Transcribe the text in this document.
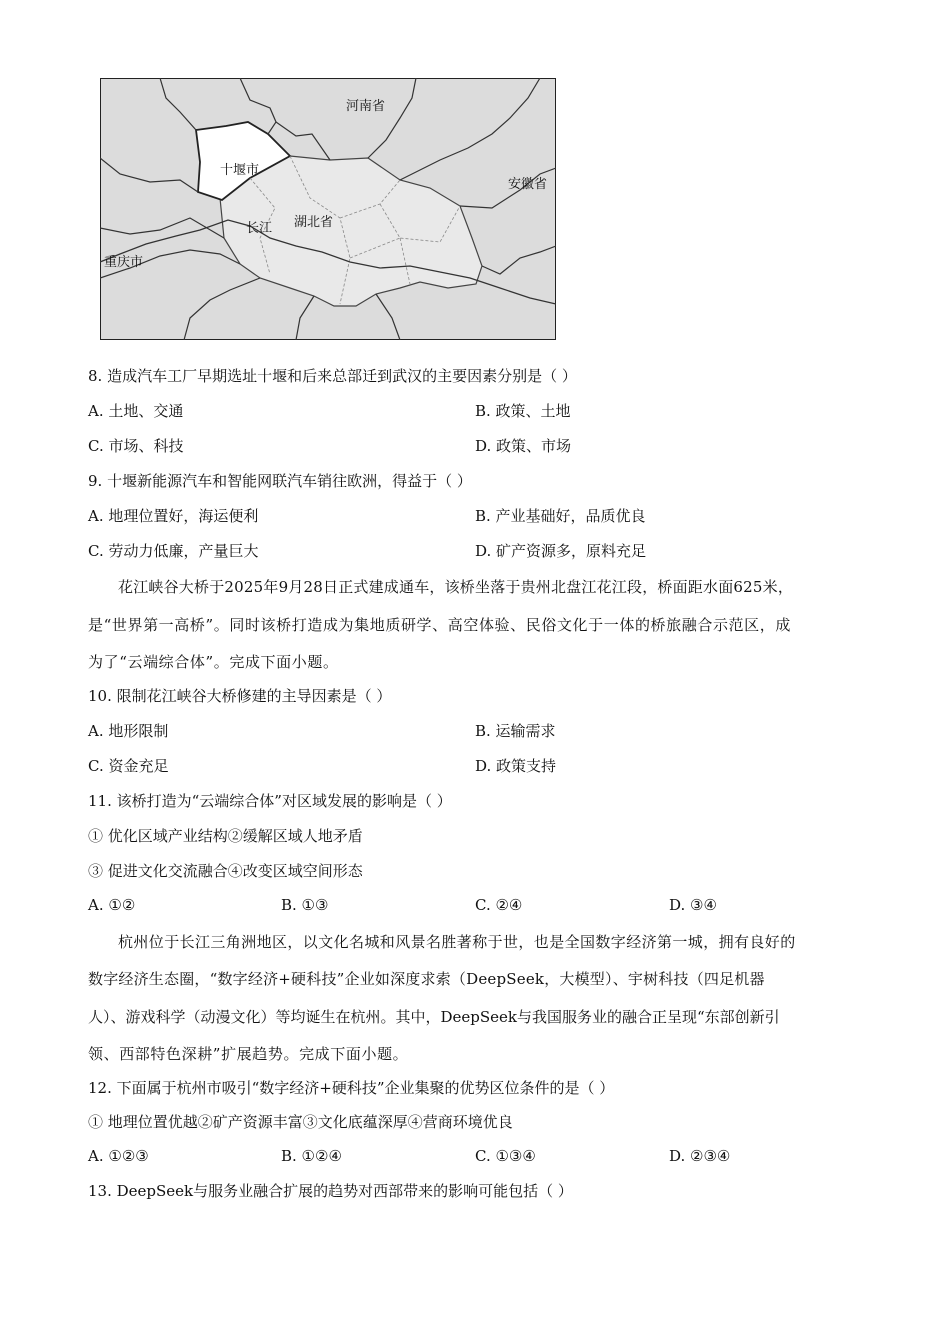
河南省
十堰市
安徽省
长江 湖北省
重庆市
8. 造成汽车工厂早期选址十堰和后来总部迁到武汉的主要因素分别是（ ）
A. 土地、交通	B. 政策、土地
C. 市场、科技	D. 政策、市场
9. 十堰新能源汽车和智能网联汽车销往欧洲，得益于（ ）
A. 地理位置好，海运便利	B. 产业基础好，品质优良
C. 劳动力低廉，产量巨大	D. 矿产资源多，原料充足
花江峡谷大桥于2025年9月28日正式建成通车，该桥坐落于贵州北盘江花江段，桥面距水面625米，
是“世界第一高桥”。同时该桥打造成为集地质研学、高空体验、民俗文化于一体的桥旅融合示范区，成
为了“云端综合体”。完成下面小题。
10. 限制花江峡谷大桥修建的主导因素是（ ）
A. 地形限制	B. 运输需求
C. 资金充足	D. 政策支持
11. 该桥打造为“云端综合体”对区域发展的影响是（ ）
① 优化区域产业结构②缓解区域人地矛盾
③ 促进文化交流融合④改变区域空间形态
A. ①②	B. ①③	C. ②④	D. ③④
杭州位于长江三角洲地区，以文化名城和风景名胜著称于世，也是全国数字经济第一城，拥有良好的
数字经济生态圈，“数字经济+硬科技”企业如深度求索（DeepSeek，大模型）、宇树科技（四足机器
人）、游戏科学（动漫文化）等均诞生在杭州。其中，DeepSeek与我国服务业的融合正呈现“东部创新引
领、西部特色深耕”扩展趋势。完成下面小题。
12. 下面属于杭州市吸引“数字经济+硬科技”企业集聚的优势区位条件的是（ ）
① 地理位置优越②矿产资源丰富③文化底蕴深厚④营商环境优良
A. ①②③	B. ①②④	C. ①③④	D. ②③④
13. DeepSeek与服务业融合扩展的趋势对西部带来的影响可能包括（ ）
